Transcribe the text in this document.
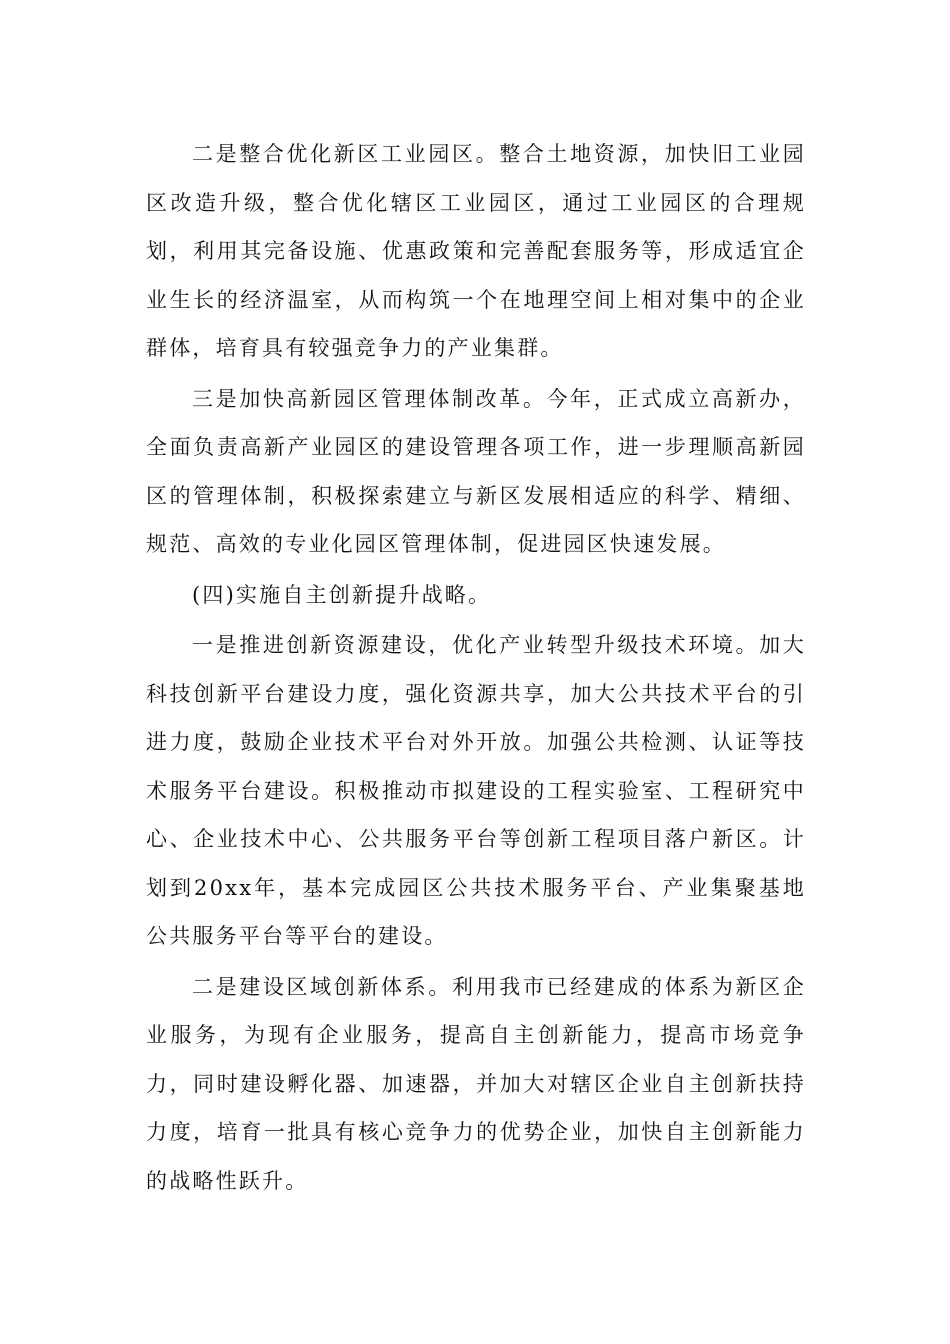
二是整合优化新区工业园区。整合土地资源，加快旧工业园区改造升级，整合优化辖区工业园区，通过工业园区的合理规划，利用其完备设施、优惠政策和完善配套服务等，形成适宜企业生长的经济温室，从而构筑一个在地理空间上相对集中的企业群体，培育具有较强竞争力的产业集群。

三是加快高新园区管理体制改革。今年，正式成立高新办，全面负责高新产业园区的建设管理各项工作，进一步理顺高新园区的管理体制，积极探索建立与新区发展相适应的科学、精细、规范、高效的专业化园区管理体制，促进园区快速发展。

(四)实施自主创新提升战略。

一是推进创新资源建设，优化产业转型升级技术环境。加大科技创新平台建设力度，强化资源共享，加大公共技术平台的引进力度，鼓励企业技术平台对外开放。加强公共检测、认证等技术服务平台建设。积极推动市拟建设的工程实验室、工程研究中心、企业技术中心、公共服务平台等创新工程项目落户新区。计划到20xx年，基本完成园区公共技术服务平台、产业集聚基地公共服务平台等平台的建设。

二是建设区域创新体系。利用我市已经建成的体系为新区企业服务，为现有企业服务，提高自主创新能力，提高市场竞争力，同时建设孵化器、加速器，并加大对辖区企业自主创新扶持力度，培育一批具有核心竞争力的优势企业，加快自主创新能力的战略性跃升。
